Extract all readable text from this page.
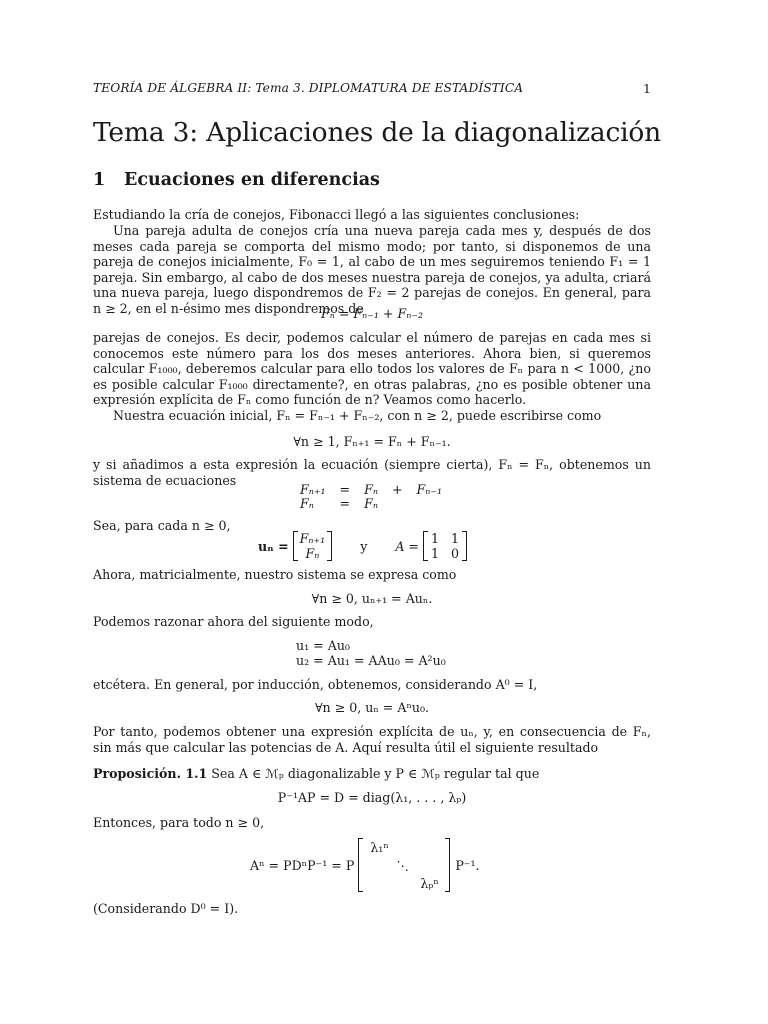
TEORÍA DE ÁLGEBRA II: Tema 3. DIPLOMATURA DE ESTADÍSTICA	1
Tema 3: Aplicaciones de la diagonalización
1 Ecuaciones en diferencias
Estudiando la cría de conejos, Fibonacci llegó a las siguientes conclusiones:
Una pareja adulta de conejos cría una nueva pareja cada mes y, después de dos meses cada pareja se comporta del mismo modo; por tanto, si disponemos de una pareja de conejos inicialmente, F₀ = 1, al cabo de un mes seguiremos teniendo F₁ = 1 pareja. Sin embargo, al cabo de dos meses nuestra pareja de conejos, ya adulta, criará una nueva pareja, luego dispondremos de F₂ = 2 parejas de conejos. En general, para n ≥ 2, en el n-ésimo mes dispondremos de
Fₙ = Fₙ₋₁ + Fₙ₋₂
parejas de conejos. Es decir, podemos calcular el número de parejas en cada mes si conocemos este número para los dos meses anteriores. Ahora bien, si queremos calcular F₁₀₀₀, deberemos calcular para ello todos los valores de Fₙ para n < 1000, ¿no es posible calcular F₁₀₀₀ directamente?, en otras palabras, ¿no es posible obtener una expresión explícita de Fₙ como función de n? Veamos como hacerlo.
Nuestra ecuación inicial, Fₙ = Fₙ₋₁ + Fₙ₋₂, con n ≥ 2, puede escribirse como
∀n ≥ 1, Fₙ₊₁ = Fₙ + Fₙ₋₁.
y si añadimos a esta expresión la ecuación (siempre cierta), Fₙ = Fₙ, obtenemos un sistema de ecuaciones
Fₙ₊₁	=	Fₙ	+	Fₙ₋₁
Fₙ	=	Fₙ		
Sea, para cada n ≥ 0,
uₙ = Fₙ₊₁
Fₙ	y A = 1 1
1 0
Ahora, matricialmente, nuestro sistema se expresa como
∀n ≥ 0, uₙ₊₁ = Auₙ.
Podemos razonar ahora del siguiente modo,
u₁ = Au₀
u₂ = Au₁ = AAu₀ = A²u₀
etcétera. En general, por inducción, obtenemos, considerando A⁰ = I,
∀n ≥ 0, uₙ = Aⁿu₀.
Por tanto, podemos obtener una expresión explícita de uₙ, y, en consecuencia de Fₙ, sin más que calcular las potencias de A. Aquí resulta útil el siguiente resultado
Proposición. 1.1 Sea A ∈ ℳₚ diagonalizable y P ∈ ℳₚ regular tal que
P⁻¹AP = D = diag(λ₁, . . . , λₚ)
Entonces, para todo n ≥ 0,
Aⁿ = PDⁿP⁻¹ = P
λ₁ⁿ
⋱
λₚⁿ
P⁻¹.
(Considerando D⁰ = I).
